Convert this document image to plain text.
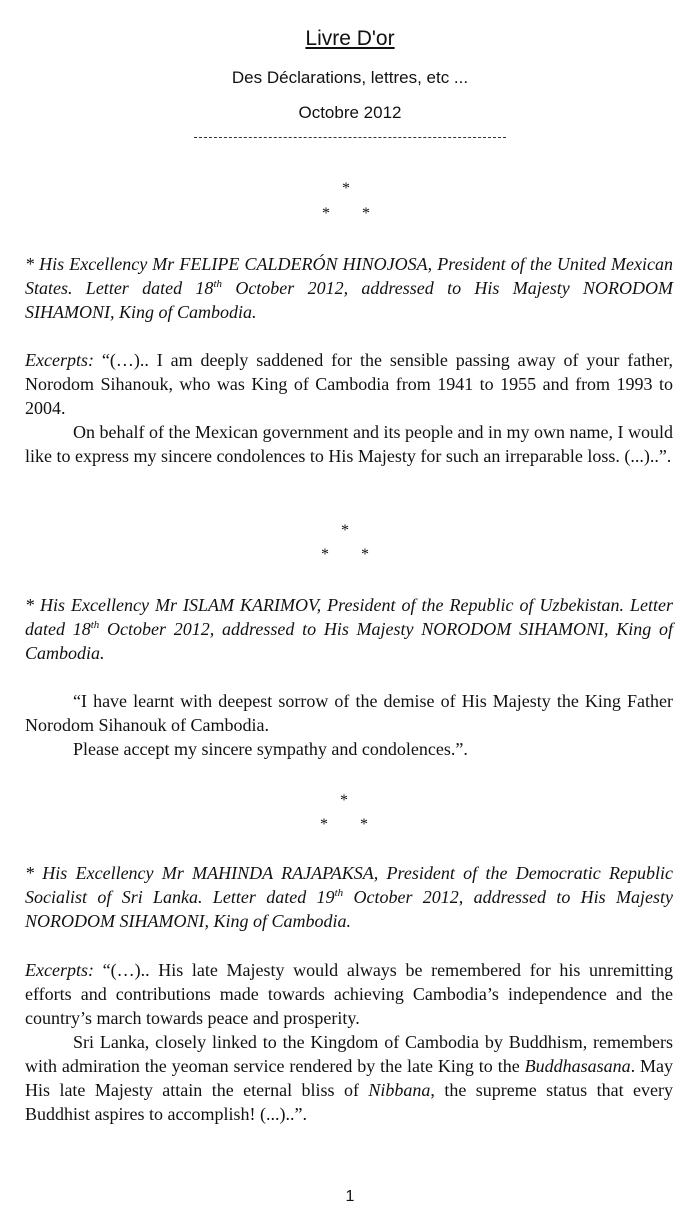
Livre D'or
Des Déclarations, lettres, etc ...
Octobre 2012
*
* *

* His Excellency Mr FELIPE CALDERÓN HINOJOSA, President of the United Mexican States. Letter dated 18th October 2012, addressed to His Majesty NORODOM SIHAMONI, King of Cambodia.

Excerpts: “(…).. I am deeply saddened for the sensible passing away of your father, Norodom Sihanouk, who was King of Cambodia from 1941 to 1955 and from 1993 to 2004.

On behalf of the Mexican government and its people and in my own name, I would like to express my sincere condolences to His Majesty for such an irreparable loss. (...)..”.

*
* *

* His Excellency Mr ISLAM KARIMOV, President of the Republic of Uzbekistan. Letter dated 18th October 2012, addressed to His Majesty NORODOM SIHAMONI, King of Cambodia.

“I have learnt with deepest sorrow of the demise of His Majesty the King Father Norodom Sihanouk of Cambodia.

Please accept my sincere sympathy and condolences.”.

*
* *

* His Excellency Mr MAHINDA RAJAPAKSA, President of the Democratic Republic Socialist of Sri Lanka. Letter dated 19th October 2012, addressed to His Majesty NORODOM SIHAMONI, King of Cambodia.

Excerpts: “(…).. His late Majesty would always be remembered for his unremitting efforts and contributions made towards achieving Cambodia’s independence and the country’s march towards peace and prosperity.

Sri Lanka, closely linked to the Kingdom of Cambodia by Buddhism, remembers with admiration the yeoman service rendered by the late King to the Buddhasasana. May His late Majesty attain the eternal bliss of Nibbana, the supreme status that every Buddhist aspires to accomplish! (...)..”.

1
